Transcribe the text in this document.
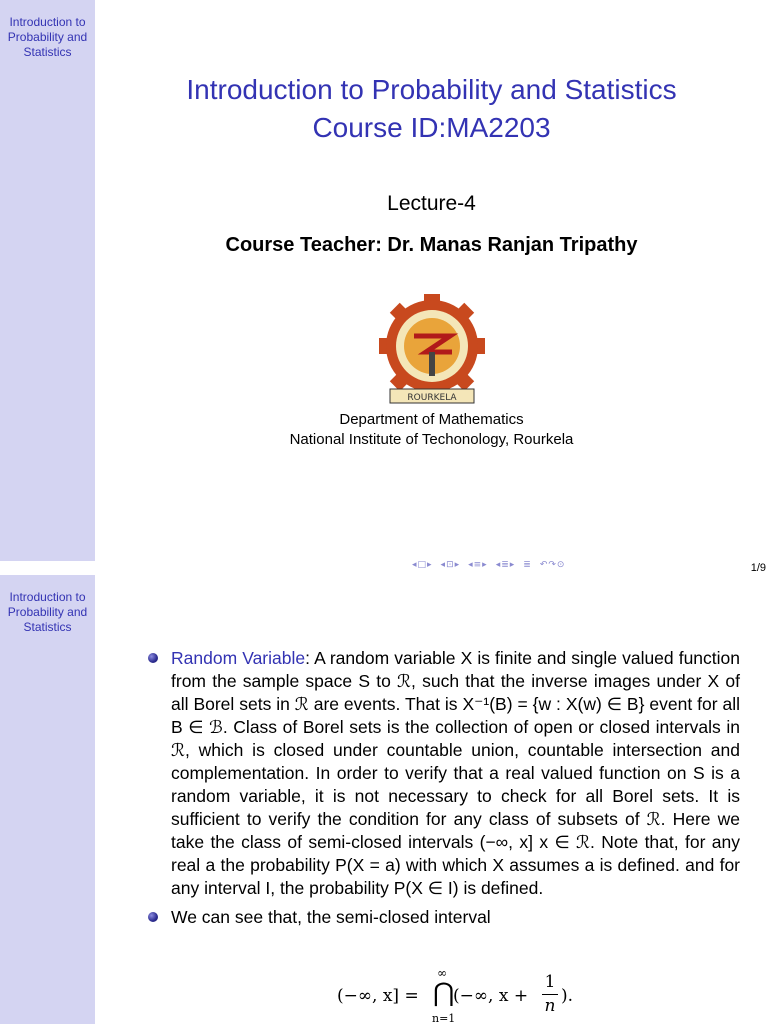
Introduction to Probability and Statistics
Introduction to Probability and Statistics
Course ID:MA2203
Lecture-4
Course Teacher: Dr. Manas Ranjan Tripathy
ROURKELA
Department of Mathematics
National Institute of Techonology, Rourkela
◂□▸ ◂⊡▸ ◂≡▸ ◂≣▸ ≣ ↶↷⊙	1/9
Introduction to Probability and Statistics
Random Variable: A random variable X is finite and single valued function from the sample space S to ℛ, such that the inverse images under X of all Borel sets in ℛ are events. That is X⁻¹(B) = {w : X(w) ∈ B} event for all B ∈ ℬ. Class of Borel sets is the collection of open or closed intervals in ℛ, which is closed under countable union, countable intersection and complementation. In order to verify that a real valued function on S is a random variable, it is not necessary to check for all Borel sets. It is sufficient to verify the condition for any class of subsets of ℛ. Here we take the class of semi-closed intervals (−∞, x] x ∈ ℛ. Note that, for any real a the probability P(X = a) with which X assumes a is defined. and for any interval I, the probability P(X ∈ I) is defined.
We can see that, the semi-closed interval
(−∞, x] =
∞
⋂
n=1
(−∞, x +
1
n ).
